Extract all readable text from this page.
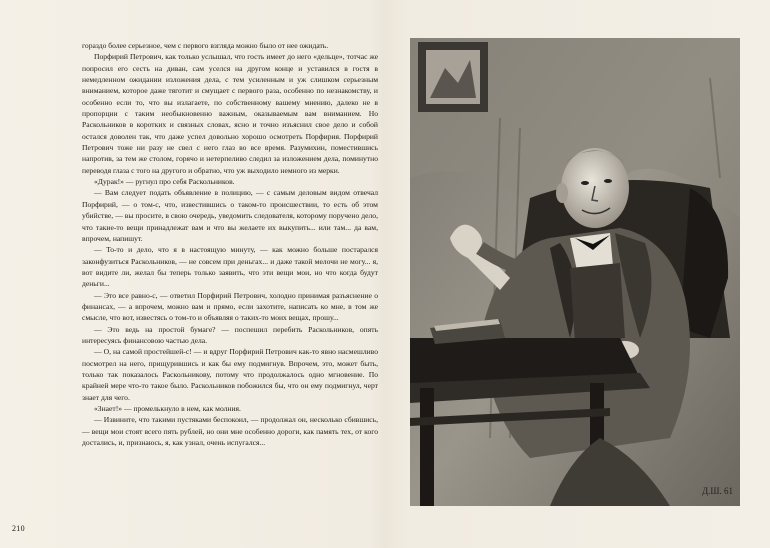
гораздо более серьезное, чем с первого взгляда можно было от нее ожидать.

Порфирий Петрович, как только услышал, что гость имеет до него «дельце», тотчас же попросил его сесть на диван, сам уселся на другом конце и уставился в гостя в немедленном ожидании изложения дела, с тем усиленным и уж слишком серьезным вниманием, которое даже тяготит и смущает с первого раза, особенно по незнакомству, и особенно если то, что вы излагаете, по собственному вашему мнению, далеко не в пропорции с таким необыкновенно важным, оказываемым вам вниманием. Но Раскольников в коротких и связных словах, ясно и точно изъяснил свое дело и собой остался доволен так, что даже успел довольно хорошо осмотреть Порфирия. Порфирий Петрович тоже ни разу не свел с него глаз во все время. Разумихин, поместившись напротив, за тем же столом, горячо и нетерпеливо следил за изложением дела, поминутно переводя глаза с того на другого и обратно, что уж выходило немного из мерки.

«Дурак!» — ругнул про себя Раскольников.

— Вам следует подать объявление в полицию, — с самым деловым видом отвечал Порфирий, — о том-с, что, известившись о таком-то происшествии, то есть об этом убийстве, — вы просите, в свою очередь, уведомить следователя, которому поручено дело, что такие-то вещи принадлежат вам и что вы желаете их выкупить... или там... да вам, впрочем, напишут.

— То-то и дело, что я в настоящую минуту, — как можно больше постарался законфузиться Раскольников, — не совсем при деньгах... и даже такой мелочи не могу... я, вот видите ли, желал бы теперь только заявить, что эти вещи мои, но что когда будут деньги...

— Это все равно-с, — ответил Порфирий Петрович, холодно принимая разъяснение о финансах, — а впрочем, можно вам и прямо, если захотите, написать ко мне, в том же смысле, что вот, известясь о том-то и объявляя о таких-то моих вещах, прошу...

— Это ведь на простой бумаге? — поспешил перебить Раскольников, опять интересуясь финансовою частью дела.

— О, на самой простейшей-с! — и вдруг Порфирий Петрович как-то явно насмешливо посмотрел на него, прищурившись и как бы ему подмигнув. Впрочем, это, может быть, только так показалось Раскольникову, потому что продолжалось одно мгновение. По крайней мере что-то такое было. Раскольников побожился бы, что он ему подмигнул, черт знает для чего.

«Знает!» — промелькнуло в нем, как молния.

— Извините, что такими пустяками беспокоил, — продолжал он, несколько сбившись, — вещи мои стоят всего пять рублей, но они мне особенно дороги, как память тех, от кого достались, и, признаюсь, я, как узнал, очень испугался...

210
Д.Ш. 61
